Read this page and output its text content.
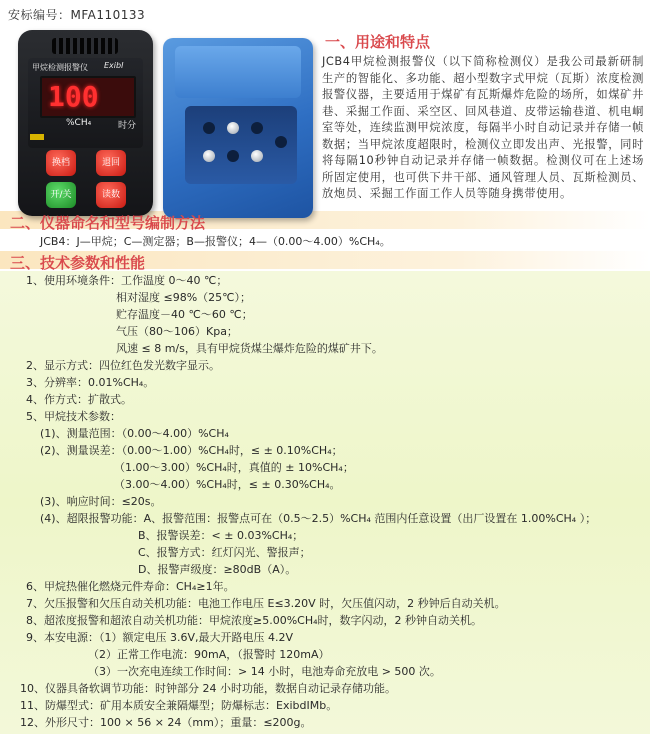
安标编号：MFA110133
甲烷检测报警仪 ExibI
100
%CH₄	时分
换档	退回
开/关	读数
一、用途和特点

JCB4甲烷检测报警仪（以下简称检测仪）是我公司最新研制生产的智能化、多功能、超小型数字式甲烷（瓦斯）浓度检测报警仪器，主要适用于煤矿有瓦斯爆炸危险的场所，如煤矿井巷、采掘工作面、采空区、回风巷道、皮带运输巷道、机电峒室等处，连续监测甲烷浓度，每隔半小时自动记录并存储一帧数据；当甲烷浓度超限时，检测仪立即发出声、光报警，同时将每隔10秒钟自动记录并存储一帧数据。检测仪可在上述场所固定使用，也可供下井干部、通风管理人员、瓦斯检测员、放炮员、采掘工作面工作人员等随身携带使用。

二、仪器命名和型号编制方法
JCB4：J—甲烷；C—测定器；B—报警仪；4—（0.00～4.00）%CH₄。
三、技术参数和性能
1、使用环境条件：工作温度 0～40 ℃；
相对湿度 ≤98%（25℃）；
贮存温度－40 ℃～60 ℃；
气压（80～106）Kpa；
风速 ≤ 8 m/s，具有甲烷货煤尘爆炸危险的煤矿井下。
2、显示方式：四位红色发光数字显示。
3、分辨率：0.01%CH₄。
4、作方式：扩散式。
5、甲烷技术参数：
(1)、测量范围：（0.00～4.00）%CH₄
(2)、测量误差：（0.00～1.00）%CH₄时，≤ ± 0.10%CH₄；
（1.00～3.00）%CH₄时，真值的 ± 10%CH₄；
（3.00～4.00）%CH₄时，≤ ± 0.30%CH₄。
(3)、响应时间：≤20s。
(4)、超限报警功能：A、报警范围：报警点可在（0.5～2.5）%CH₄ 范围内任意设置（出厂设置在 1.00%CH₄ ）；
B、报警误差：< ± 0.03%CH₄；
C、报警方式：红灯闪光、警报声；
D、报警声级度：≥80dB（A）。
6、甲烷热催化燃烧元件寿命：CH₄≥1年。
7、欠压报警和欠压自动关机功能：电池工作电压 E≤3.20V 时，欠压值闪动，2 秒钟后自动关机。
8、超浓度报警和超浓自动关机功能：甲烷浓度≥5.00%CH₄时，数字闪动，2 秒钟自动关机。
9、本安电源：（1）额定电压 3.6V,最大开路电压 4.2V
（2）正常工作电流：90mA，（报警时 120mA）
（3）一次充电连续工作时间：> 14 小时，电池寿命充放电 > 500 次。
10、仪器具备软调节功能：时钟部分 24 小时功能，数据自动记录存储功能。
11、防爆型式：矿用本质安全兼隔爆型；防爆标志：ExibdIMb。
12、外形尺寸：100 × 56 × 24（mm）；重量：≤200g。
